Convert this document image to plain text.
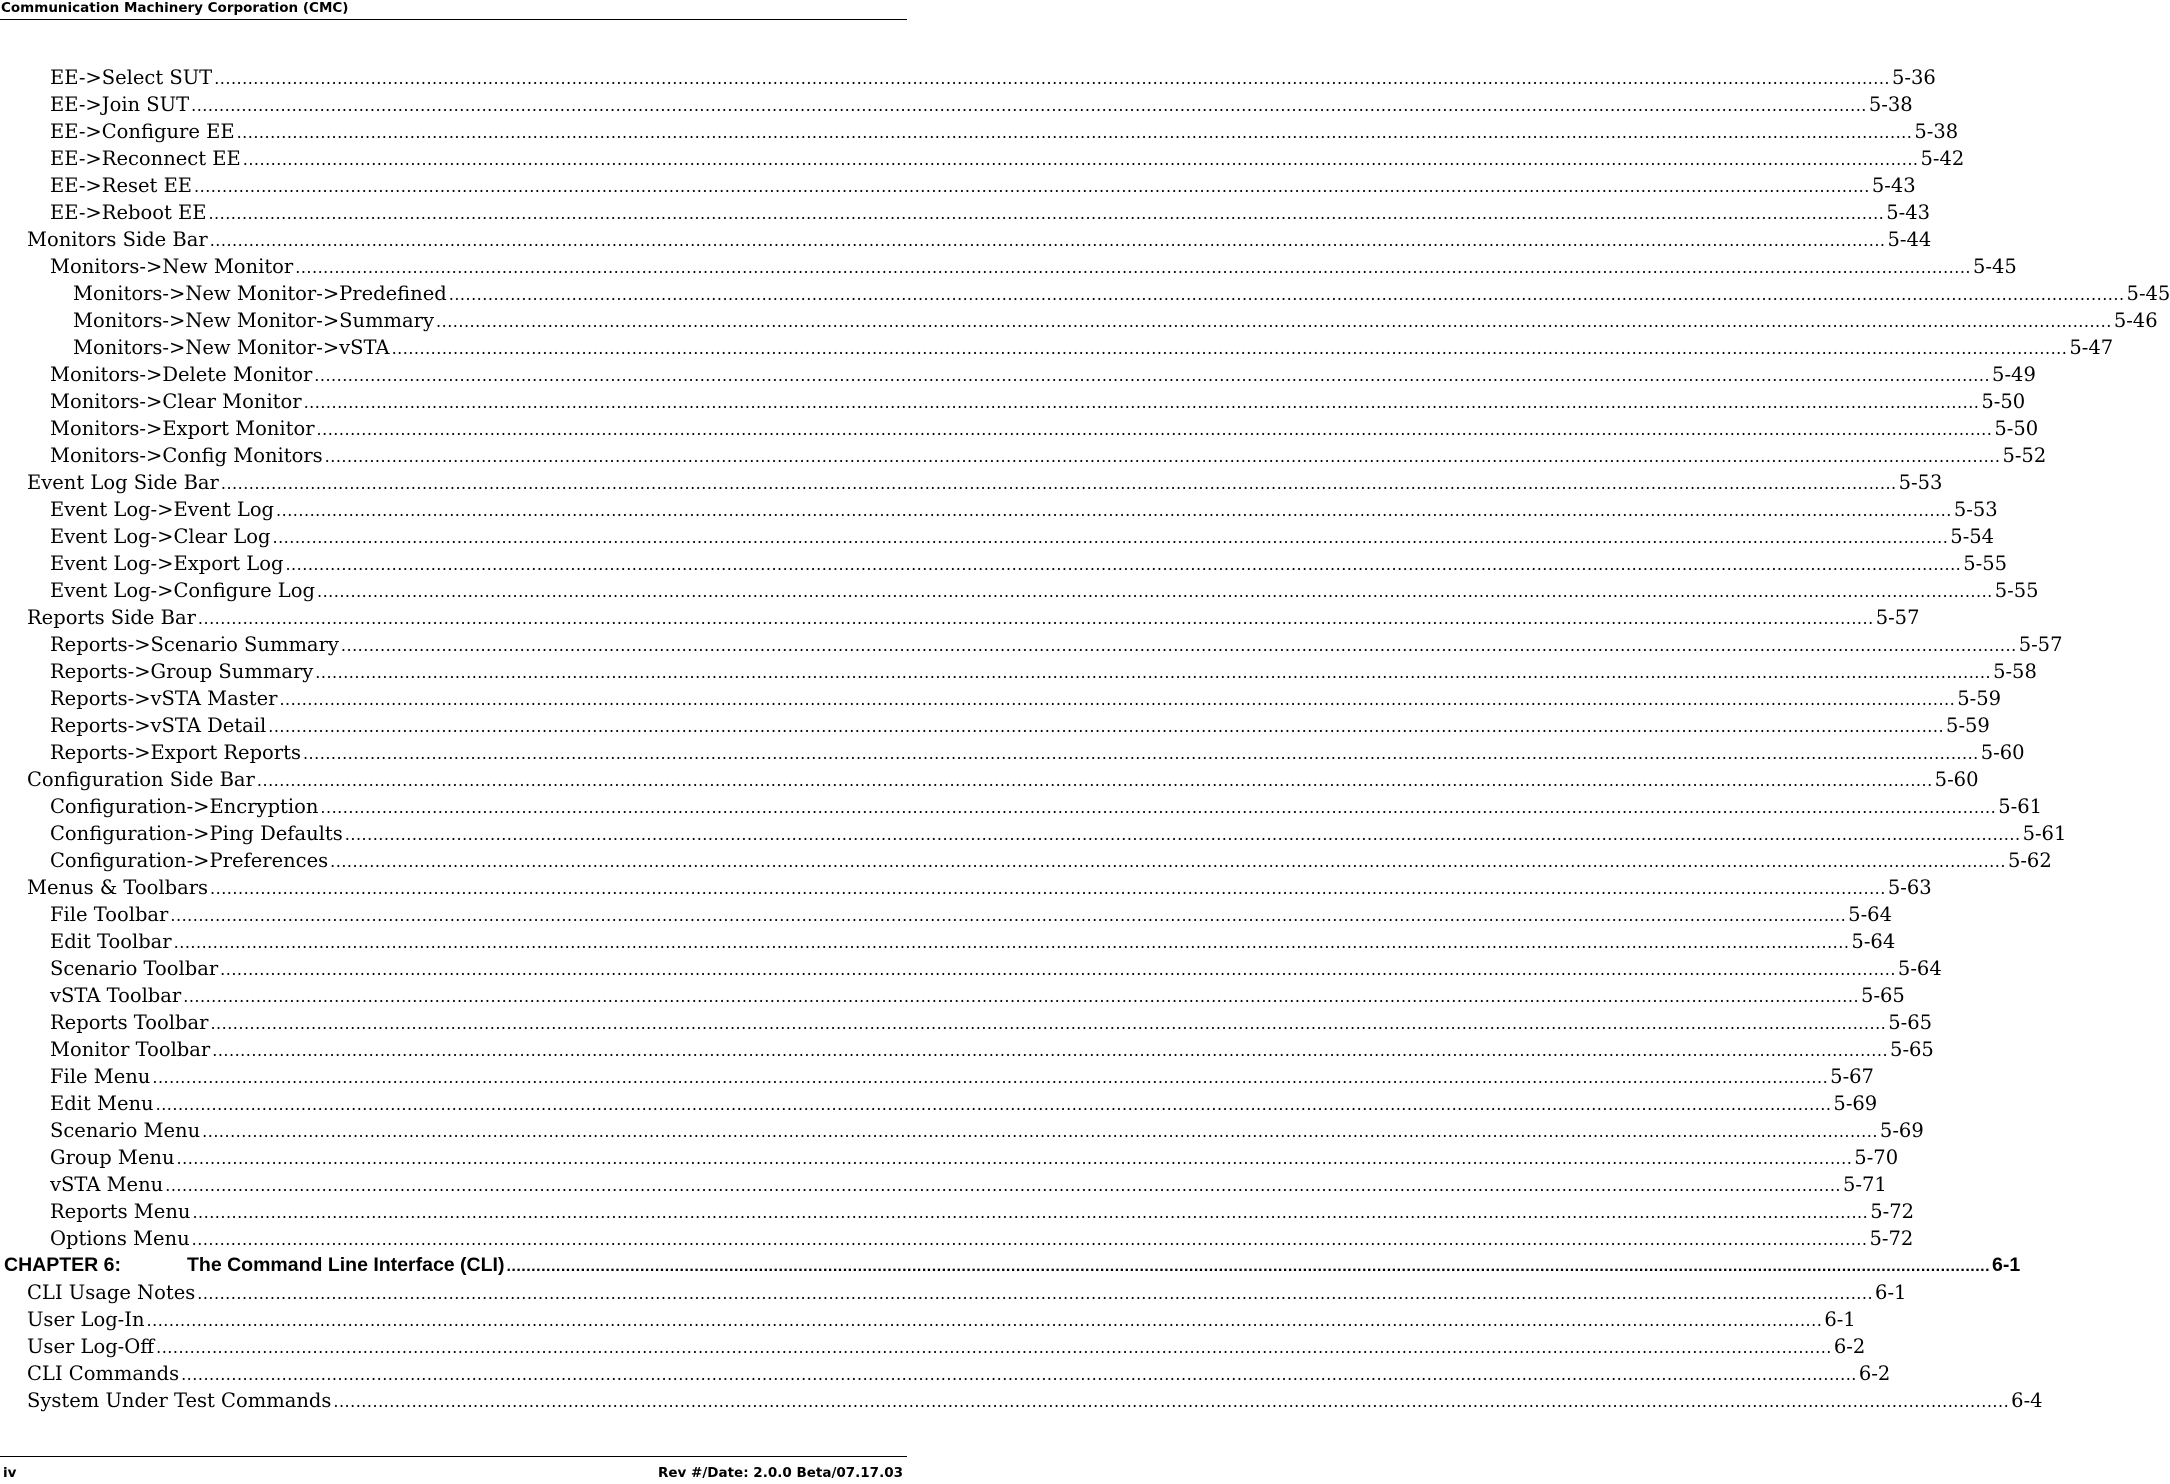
Communication Machinery Corporation (CMC)
EE->Select SUT ............................................................................................................................................................................................................................................................................................................ 5-36
EE->Join SUT ............................................................................................................................................................................................................................................................................................................ 5-38
EE->Configure EE ............................................................................................................................................................................................................................................................................................................ 5-38
EE->Reconnect EE ............................................................................................................................................................................................................................................................................................................ 5-42
EE->Reset EE ............................................................................................................................................................................................................................................................................................................ 5-43
EE->Reboot EE ............................................................................................................................................................................................................................................................................................................ 5-43
Monitors Side Bar ............................................................................................................................................................................................................................................................................................................ 5-44
Monitors->New Monitor ............................................................................................................................................................................................................................................................................................................ 5-45
Monitors->New Monitor->Predefined ............................................................................................................................................................................................................................................................................................................ 5-45
Monitors->New Monitor->Summary ............................................................................................................................................................................................................................................................................................................ 5-46
Monitors->New Monitor->vSTA ............................................................................................................................................................................................................................................................................................................ 5-47
Monitors->Delete Monitor ............................................................................................................................................................................................................................................................................................................ 5-49
Monitors->Clear Monitor ............................................................................................................................................................................................................................................................................................................ 5-50
Monitors->Export Monitor ............................................................................................................................................................................................................................................................................................................ 5-50
Monitors->Config Monitors ............................................................................................................................................................................................................................................................................................................ 5-52
Event Log Side Bar ............................................................................................................................................................................................................................................................................................................ 5-53
Event Log->Event Log ............................................................................................................................................................................................................................................................................................................ 5-53
Event Log->Clear Log ............................................................................................................................................................................................................................................................................................................ 5-54
Event Log->Export Log ............................................................................................................................................................................................................................................................................................................ 5-55
Event Log->Configure Log ............................................................................................................................................................................................................................................................................................................ 5-55
Reports Side Bar ............................................................................................................................................................................................................................................................................................................ 5-57
Reports->Scenario Summary ............................................................................................................................................................................................................................................................................................................ 5-57
Reports->Group Summary ............................................................................................................................................................................................................................................................................................................ 5-58
Reports->vSTA Master ............................................................................................................................................................................................................................................................................................................ 5-59
Reports->vSTA Detail ............................................................................................................................................................................................................................................................................................................ 5-59
Reports->Export Reports ............................................................................................................................................................................................................................................................................................................ 5-60
Configuration Side Bar ............................................................................................................................................................................................................................................................................................................ 5-60
Configuration->Encryption ............................................................................................................................................................................................................................................................................................................ 5-61
Configuration->Ping Defaults ............................................................................................................................................................................................................................................................................................................ 5-61
Configuration->Preferences ............................................................................................................................................................................................................................................................................................................ 5-62
Menus & Toolbars ............................................................................................................................................................................................................................................................................................................ 5-63
File Toolbar ............................................................................................................................................................................................................................................................................................................ 5-64
Edit Toolbar ............................................................................................................................................................................................................................................................................................................ 5-64
Scenario Toolbar ............................................................................................................................................................................................................................................................................................................ 5-64
vSTA Toolbar ............................................................................................................................................................................................................................................................................................................ 5-65
Reports Toolbar ............................................................................................................................................................................................................................................................................................................ 5-65
Monitor Toolbar ............................................................................................................................................................................................................................................................................................................ 5-65
File Menu ............................................................................................................................................................................................................................................................................................................ 5-67
Edit Menu ............................................................................................................................................................................................................................................................................................................ 5-69
Scenario Menu ............................................................................................................................................................................................................................................................................................................ 5-69
Group Menu ............................................................................................................................................................................................................................................................................................................ 5-70
vSTA Menu ............................................................................................................................................................................................................................................................................................................ 5-71
Reports Menu ............................................................................................................................................................................................................................................................................................................ 5-72
Options Menu ............................................................................................................................................................................................................................................................................................................ 5-72
CHAPTER 6:	The Command Line Interface (CLI) ............................................................................................................................................................................................................................................................................................................ 6-1
CLI Usage Notes ............................................................................................................................................................................................................................................................................................................ 6-1
User Log-In ............................................................................................................................................................................................................................................................................................................ 6-1
User Log-Off ............................................................................................................................................................................................................................................................................................................ 6-2
CLI Commands ............................................................................................................................................................................................................................................................................................................ 6-2
System Under Test Commands ............................................................................................................................................................................................................................................................................................................ 6-4
iv	Rev #/Date: 2.0.0 Beta/07.17.03
